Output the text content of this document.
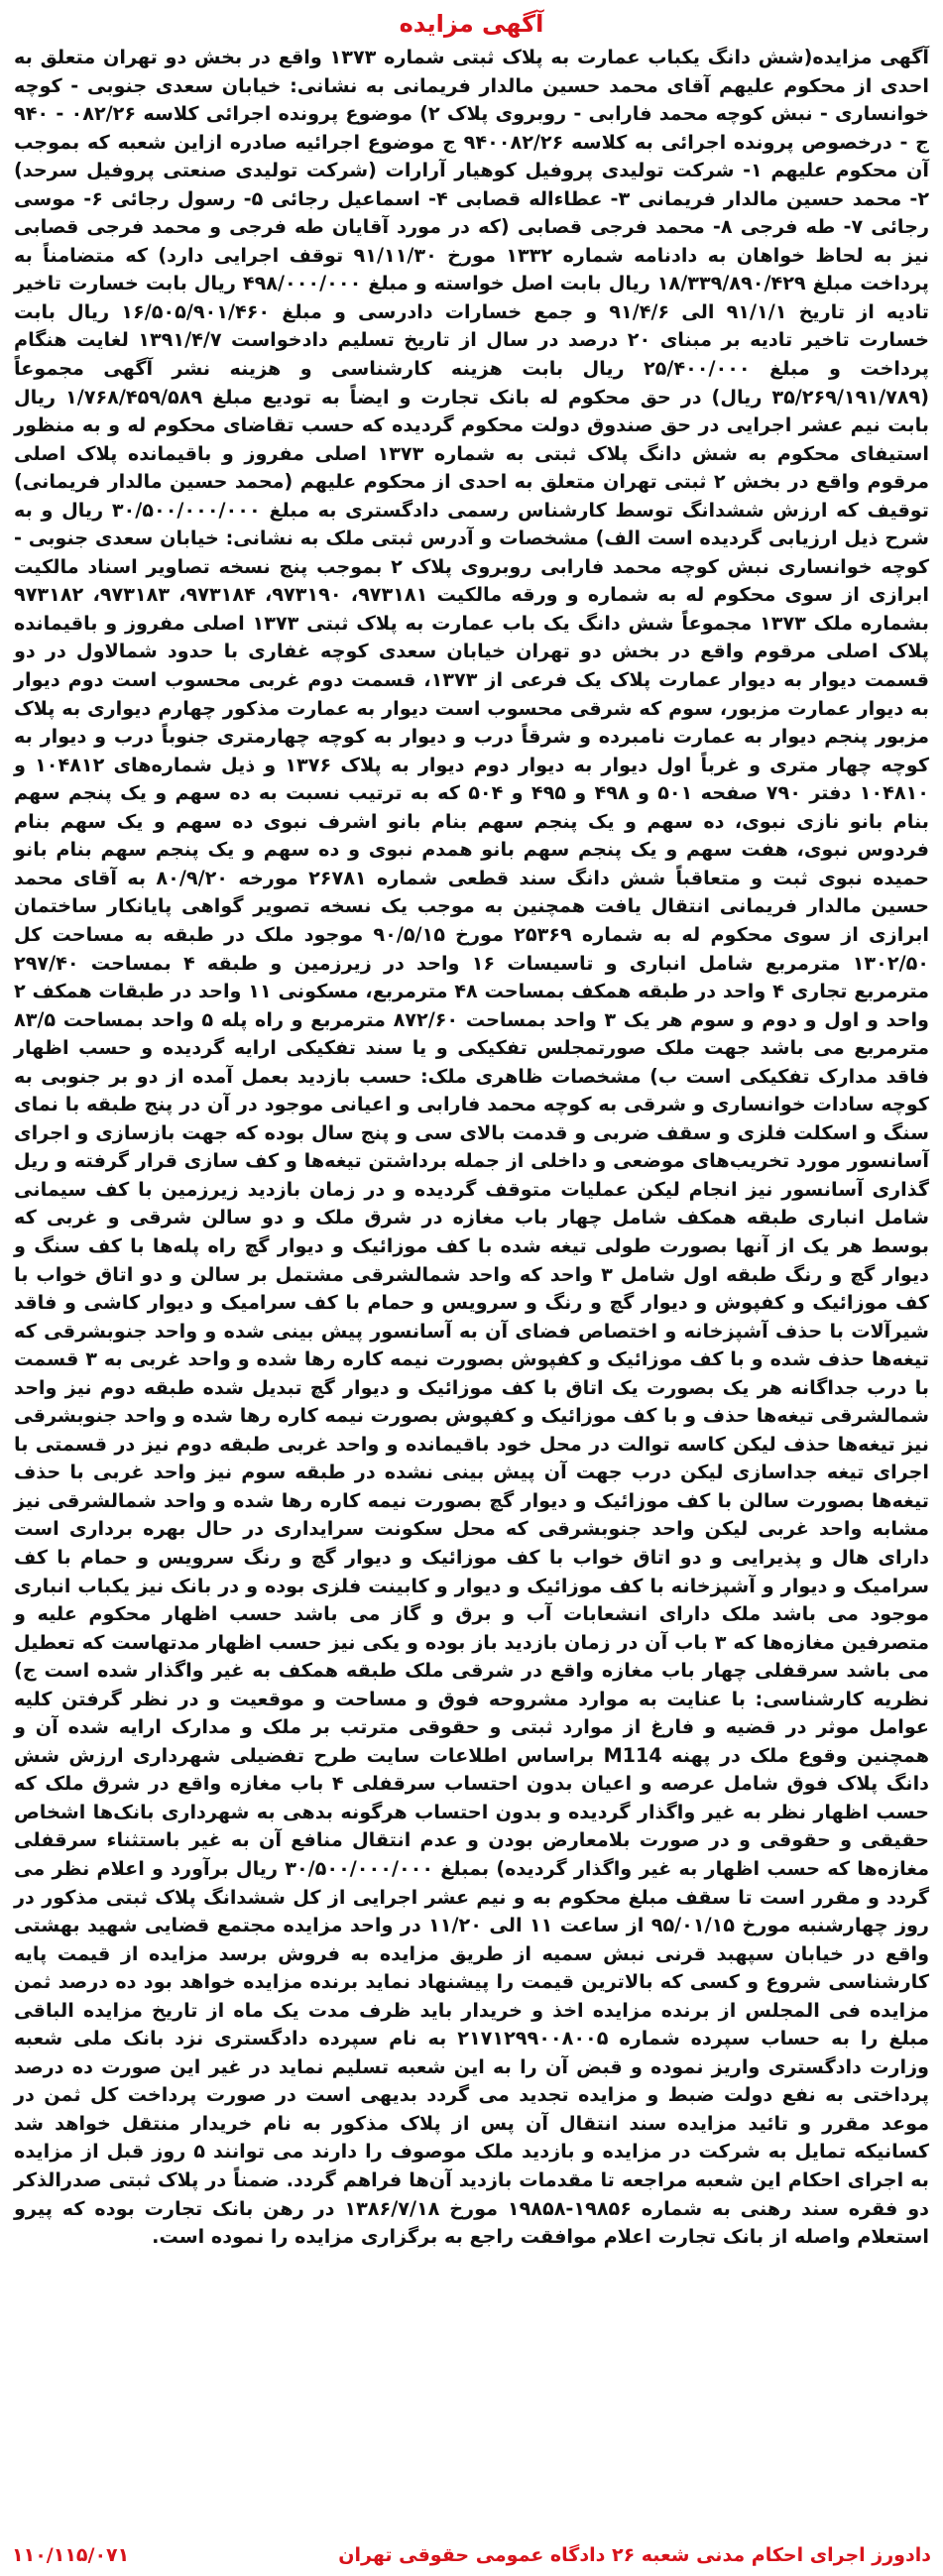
آگهی مزایده

آگهی مزایده(شش دانگ یکباب عمارت به پلاک ثبتی شماره ۱۳۷۳ واقع در بخش دو تهران متعلق به احدی از محکوم علیهم آقای محمد حسین مالدار فریمانی به نشانی: خیابان سعدی جنوبی - کوچه خوانساری - نبش کوچه محمد فارابی - روبروی پلاک ۲) موضوع پرونده اجرائی کلاسه ۰۸۲/۲۶ - ۹۴۰ ج - درخصوص پرونده اجرائی به کلاسه ۹۴۰۰۸۲/۲۶ ج موضوع اجرائیه صادره ازاین شعبه که بموجب آن محکوم علیهم ۱- شرکت تولیدی پروفیل کوهیار آرارات (شرکت تولیدی صنعتی پروفیل سرحد) ۲- محمد حسین مالدار فریمانی ۳- عطاءاله قصابی ۴- اسماعیل رجائی ۵- رسول رجائی ۶- موسی رجائی ۷- طه فرجی ۸- محمد فرجی قصابی (که در مورد آقایان طه فرجی و محمد فرجی قصابی نیز به لحاظ خواهان به دادنامه شماره ۱۳۳۲ مورخ ۹۱/۱۱/۳۰ توقف اجرایی دارد) که متضامناً به پرداخت مبلغ ۱۸/۳۳۹/۸۹۰/۴۲۹ ریال بابت اصل خواسته و مبلغ ۴۹۸/۰۰۰/۰۰۰ ریال بابت خسارت تاخیر تادیه از تاریخ ۹۱/۱/۱ الی ۹۱/۴/۶ و جمع خسارات دادرسی و مبلغ ۱۶/۵۰۵/۹۰۱/۴۶۰ ریال بابت خسارت تاخیر تادیه بر مبنای ۲۰ درصد در سال از تاریخ تسلیم دادخواست ۱۳۹۱/۴/۷ لغایت هنگام پرداخت و مبلغ ۲۵/۴۰۰/۰۰۰ ریال بابت هزینه کارشناسی و هزینه نشر آگهی مجموعاً (۳۵/۲۶۹/۱۹۱/۷۸۹ ریال) در حق محکوم له بانک تجارت و ایضاً به تودیع مبلغ ۱/۷۶۸/۴۵۹/۵۸۹ ریال بابت نیم عشر اجرایی در حق صندوق دولت محکوم گردیده که حسب تقاضای محکوم له و به منظور استیفای محکوم به شش دانگ پلاک ثبتی به شماره ۱۳۷۳ اصلی مفروز و باقیمانده پلاک اصلی مرقوم واقع در بخش ۲ ثبتی تهران متعلق به احدی از محکوم علیهم (محمد حسین مالدار فریمانی) توقیف که ارزش ششدانگ توسط کارشناس رسمی دادگستری به مبلغ ۳۰/۵۰۰/۰۰۰/۰۰۰ ریال و به شرح ذیل ارزیابی گردیده است الف) مشخصات و آدرس ثبتی ملک به نشانی: خیابان سعدی جنوبی - کوچه خوانساری نبش کوچه محمد فارابی روبروی پلاک ۲ بموجب پنج نسخه تصاویر اسناد مالکیت ابرازی از سوی محکوم له به شماره و ورقه مالکیت ۹۷۳۱۸۱، ۹۷۳۱۹۰، ۹۷۳۱۸۴، ۹۷۳۱۸۳، ۹۷۳۱۸۲ بشماره ملک ۱۳۷۳ مجموعاً شش دانگ یک باب عمارت به پلاک ثبتی ۱۳۷۳ اصلی مفروز و باقیمانده پلاک اصلی مرقوم واقع در بخش دو تهران خیابان سعدی کوچه غفاری با حدود شمالاول در دو قسمت دیوار به دیوار عمارت پلاک یک فرعی از ۱۳۷۳، قسمت دوم غربی محسوب است دوم دیوار به دیوار عمارت مزبور، سوم که شرقی محسوب است دیوار به عمارت مذکور چهارم دیواری به پلاک مزبور پنجم دیوار به عمارت نامبرده و شرقاً درب و دیوار به کوچه چهارمتری جنوباً درب و دیوار به کوچه چهار متری و غرباً اول دیوار به دیوار دوم دیوار به پلاک ۱۳۷۶ و ذیل شماره‌های ۱۰۴۸۱۲ و ۱۰۴۸۱۰ دفتر ۷۹۰ صفحه ۵۰۱ و ۴۹۸ و ۴۹۵ و ۵۰۴ که به ترتیب نسبت به ده سهم و یک پنجم سهم بنام بانو نازی نبوی، ده سهم و یک پنجم سهم بنام بانو اشرف نبوی ده سهم و یک سهم بنام فردوس نبوی، هفت سهم و یک پنجم سهم بانو همدم نبوی و ده سهم و یک پنجم سهم بنام بانو حمیده نبوی ثبت و متعاقباً شش دانگ سند قطعی شماره ۲۶۷۸۱ مورخه ۸۰/۹/۲۰ به آقای محمد حسین مالدار فریمانی انتقال یافت همچنین به موجب یک نسخه تصویر گواهی پایانکار ساختمان ابرازی از سوی محکوم له به شماره ۲۵۳۶۹ مورخ ۹۰/۵/۱۵ موجود ملک در طبقه به مساحت کل ۱۳۰۲/۵۰ مترمربع شامل انباری و تاسیسات ۱۶ واحد در زیرزمین و طبقه ۴ بمساحت ۲۹۷/۴۰ مترمربع تجاری ۴ واحد در طبقه همکف بمساحت ۴۸ مترمربع، مسکونی ۱۱ واحد در طبقات همکف ۲ واحد و اول و دوم و سوم هر یک ۳ واحد بمساحت ۸۷۲/۶۰ مترمربع و راه پله ۵ واحد بمساحت ۸۳/۵ مترمربع می باشد جهت ملک صورتمجلس تفکیکی و یا سند تفکیکی ارایه گردیده و حسب اظهار فاقد مدارک تفکیکی است ب) مشخصات ظاهری ملک: حسب بازدید بعمل آمده از دو بر جنوبی به کوچه سادات خوانساری و شرقی به کوچه محمد فارابی و اعیانی موجود در آن در پنج طبقه با نمای سنگ و اسکلت فلزی و سقف ضربی و قدمت بالای سی و پنج سال بوده که جهت بازسازی و اجرای آسانسور مورد تخریب‌های موضعی و داخلی از جمله برداشتن تیغه‌ها و کف سازی قرار گرفته و ریل گذاری آسانسور نیز انجام لیکن عملیات متوقف گردیده و در زمان بازدید زیرزمین با کف سیمانی شامل انباری طبقه همکف شامل چهار باب مغازه در شرق ملک و دو سالن شرقی و غربی که بوسط هر یک از آنها بصورت طولی تیغه شده با کف موزائیک و دیوار گچ راه پله‌ها با کف سنگ و دیوار گچ و رنگ طبقه اول شامل ۳ واحد که واحد شمالشرقی مشتمل بر سالن و دو اتاق خواب با کف موزائیک و کفپوش و دیوار گچ و رنگ و سرویس و حمام با کف سرامیک و دیوار کاشی و فاقد شیرآلات با حذف آشپزخانه و اختصاص فضای آن به آسانسور پیش بینی شده و واحد جنوبشرقی که تیغه‌ها حذف شده و با کف موزائیک و کفپوش بصورت نیمه کاره رها شده و واحد غربی به ۳ قسمت با درب جداگانه هر یک بصورت یک اتاق با کف موزائیک و دیوار گچ تبدیل شده طبقه دوم نیز واحد شمالشرقی تیغه‌ها حذف و با کف موزائیک و کفپوش بصورت نیمه کاره رها شده و واحد جنوبشرقی نیز تیغه‌ها حذف لیکن کاسه توالت در محل خود باقیمانده و واحد غربی طبقه دوم نیز در قسمتی با اجرای تیغه جداسازی لیکن درب جهت آن پیش بینی نشده در طبقه سوم نیز واحد غربی با حذف تیغه‌ها بصورت سالن با کف موزائیک و دیوار گچ بصورت نیمه کاره رها شده و واحد شمالشرقی نیز مشابه واحد غربی لیکن واحد جنوبشرقی که محل سکونت سرایداری در حال بهره برداری است دارای هال و پذیرایی و دو اتاق خواب با کف موزائیک و دیوار گچ و رنگ سرویس و حمام با کف سرامیک و دیوار و آشپزخانه با کف موزائیک و دیوار و کابینت فلزی بوده و در بانک نیز یکباب انباری موجود می باشد ملک دارای انشعابات آب و برق و گاز می باشد حسب اظهار محکوم علیه و متصرفین مغازه‌ها که ۳ باب آن در زمان بازدید باز بوده و یکی نیز حسب اظهار مدتهاست که تعطیل می باشد سرقفلی چهار باب مغازه واقع در شرقی ملک طبقه همکف به غیر واگذار شده است ج) نظریه کارشناسی: با عنایت به موارد مشروحه فوق و مساحت و موقعیت و در نظر گرفتن کلیه عوامل موثر در قضیه و فارغ از موارد ثبتی و حقوقی مترتب بر ملک و مدارک ارایه شده آن و همچنین وقوع ملک در پهنه M114 براساس اطلاعات سایت طرح تفضیلی شهرداری ارزش شش دانگ پلاک فوق شامل عرصه و اعیان بدون احتساب سرقفلی ۴ باب مغازه واقع در شرق ملک که حسب اظهار نظر به غیر واگذار گردیده و بدون احتساب هرگونه بدهی به شهرداری بانک‌ها اشخاص حقیقی و حقوقی و در صورت بلامعارض بودن و عدم انتقال منافع آن به غیر باستثناء سرقفلی مغازه‌ها که حسب اظهار به غیر واگذار گردیده) بمبلغ ۳۰/۵۰۰/۰۰۰/۰۰۰ ریال برآورد و اعلام نظر می گردد و مقرر است تا سقف مبلغ محکوم به و نیم عشر اجرایی از کل ششدانگ پلاک ثبتی مذکور در روز چهارشنبه مورخ ۹۵/۰۱/۱۵ از ساعت ۱۱ الی ۱۱/۲۰ در واحد مزایده مجتمع قضایی شهید بهشتی واقع در خیابان سپهبد قرنی نبش سمیه از طریق مزایده به فروش برسد مزایده از قیمت پایه کارشناسی شروع و کسی که بالاترین قیمت را پیشنهاد نماید برنده مزایده خواهد بود ده درصد ثمن مزایده فی المجلس از برنده مزایده اخذ و خریدار باید ظرف مدت یک ماه از تاریخ مزایده الباقی مبلغ را به حساب سپرده شماره ۲۱۷۱۲۹۹۰۰۸۰۰۵ به نام سپرده دادگستری نزد بانک ملی شعبه وزارت دادگستری واریز نموده و قبض آن را به این شعبه تسلیم نماید در غیر این صورت ده درصد پرداختی به نفع دولت ضبط و مزایده تجدید می گردد بدیهی است در صورت پرداخت کل ثمن در موعد مقرر و تائید مزایده سند انتقال آن پس از پلاک مذکور به نام خریدار منتقل خواهد شد کسانیکه تمایل به شرکت در مزایده و بازدید ملک موصوف را دارند می توانند ۵ روز قبل از مزایده به اجرای احکام این شعبه مراجعه تا مقدمات بازدید آن‌ها فراهم گردد. ضمناً در پلاک ثبتی صدرالذکر دو فقره سند رهنی به شماره ۱۹۸۵۶-۱۹۸۵۸ مورخ ۱۳۸۶/۷/۱۸ در رهن بانک تجارت بوده که پیرو استعلام واصله از بانک تجارت اعلام موافقت راجع به برگزاری مزایده را نموده است.

دادورز اجرای احکام مدنی شعبه ۲۶ دادگاه عمومی حقوقی تهران
۱۱۰/۱۱۵/۰۷۱
